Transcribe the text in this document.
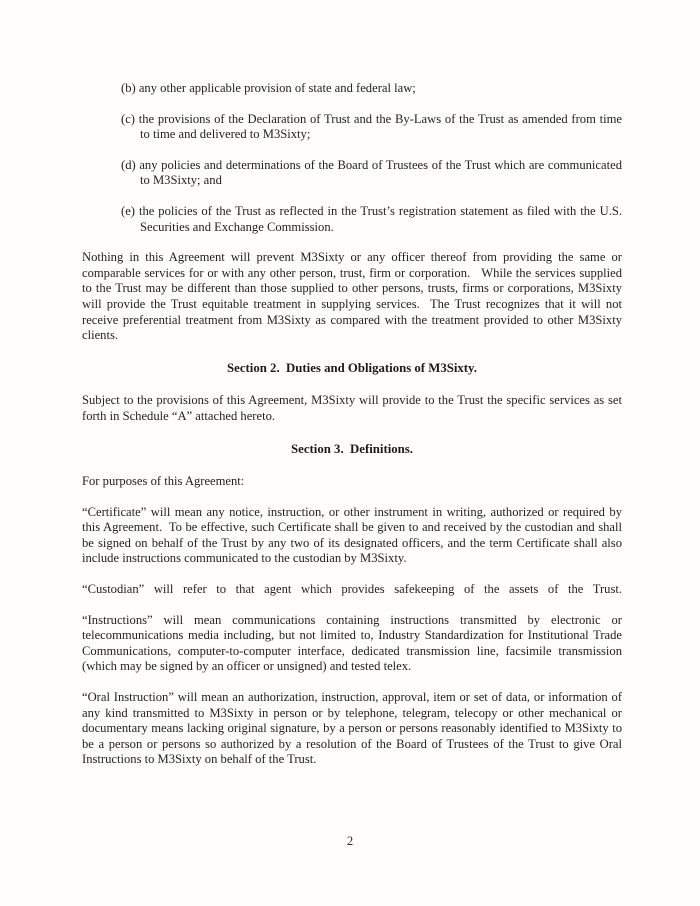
(b) any other applicable provision of state and federal law;
(c) the provisions of the Declaration of Trust and the By-Laws of the Trust as amended from time to time and delivered to M3Sixty;
(d) any policies and determinations of the Board of Trustees of the Trust which are communicated to M3Sixty; and
(e) the policies of the Trust as reflected in the Trust’s registration statement as filed with the U.S. Securities and Exchange Commission.

Nothing in this Agreement will prevent M3Sixty or any officer thereof from providing the same or comparable services for or with any other person, trust, firm or corporation.   While the services supplied to the Trust may be different than those supplied to other persons, trusts, firms or corporations, M3Sixty will provide the Trust equitable treatment in supplying services.  The Trust recognizes that it will not receive preferential treatment from M3Sixty as compared with the treatment provided to other M3Sixty clients.

Section 2.  Duties and Obligations of M3Sixty.

Subject to the provisions of this Agreement, M3Sixty will provide to the Trust the specific services as set forth in Schedule “A” attached hereto.

Section 3.  Definitions.

For purposes of this Agreement:

“Certificate” will mean any notice, instruction, or other instrument in writing, authorized or required by this Agreement.  To be effective, such Certificate shall be given to and received by the custodian and shall be signed on behalf of the Trust by any two of its designated officers, and the term Certificate shall also include instructions communicated to the custodian by M3Sixty.

“Custodian” will refer to that agent which provides safekeeping of the assets of the Trust.

“Instructions” will mean communications containing instructions transmitted by electronic or telecommunications media including, but not limited to, Industry Standardization for Institutional Trade Communications, computer-to-computer interface, dedicated transmission line, facsimile transmission (which may be signed by an officer or unsigned) and tested telex.

“Oral Instruction” will mean an authorization, instruction, approval, item or set of data, or information of any kind transmitted to M3Sixty in person or by telephone, telegram, telecopy or other mechanical or documentary means lacking original signature, by a person or persons reasonably identified to M3Sixty to be a person or persons so authorized by a resolution of the Board of Trustees of the Trust to give Oral Instructions to M3Sixty on behalf of the Trust.

2
